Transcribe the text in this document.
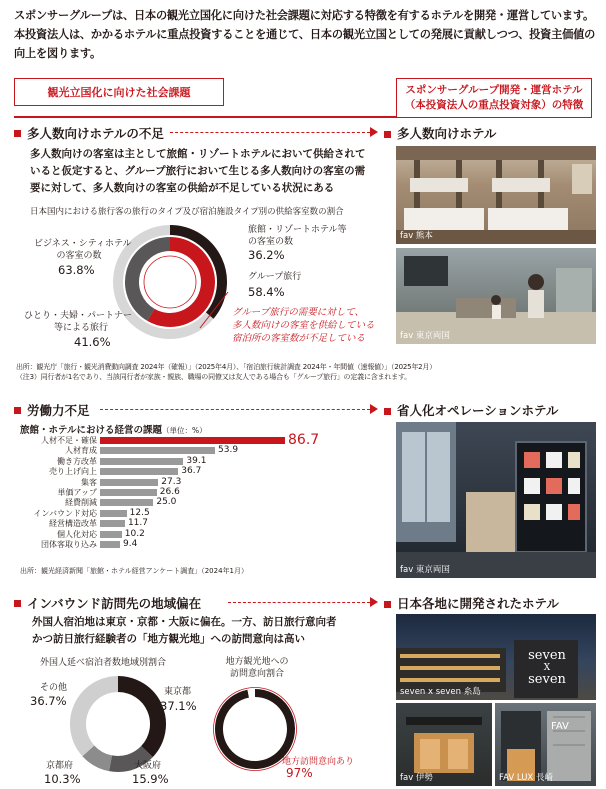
スポンサーグループは、日本の観光立国化に向けた社会課題に対応する特徴を有するホテルを開発・運営しています。本投資法人は、かかるホテルに重点投資することを通じて、日本の観光立国としての発展に貢献しつつ、投資主価値の向上を図ります。
観光立国化に向けた社会課題	スポンサーグループ開発・運営ホテル
（本投資法人の重点投資対象）の特徴
多人数向けホテルの不足	多人数向けホテル
多人数向けの客室は主として旅館・リゾートホテルにおいて供給されて
いると仮定すると、グループ旅行において生じる多人数向けの客室の需
要に対して、多人数向けの客室の供給が不足している状況にある
日本国内における旅行客の旅行のタイプ及び宿泊施設タイプ別の供給客室数の割合
ビジネス・シティホテル
の客室の数
63.8%
ひとり・夫婦・パートナー
等による旅行
41.6%
旅館・リゾートホテル等
の客室の数
36.2%
グループ旅行
58.4%
グループ旅行の需要に対して、
多人数向けの客室を供給している
宿泊所の客室数が不足している
出所：観光庁「旅行・観光消費動向調査 2024年（確報）」（2025年4月）、「宿泊旅行統計調査 2024年・年間値（速報値）」（2025年2月）
（注3）同行者が1名であり、当該同行者が家族・親族、職場の同僚又は友人である場合も「グループ旅行」の定義に含まれます。
fav 熊本
fav 東京両国
労働力不足	省人化オペレーションホテル
旅館・ホテルにおける経営の課題（単位：%）
人材不足・確保	86.7
人材育成	53.9
働き方改革	39.1
売り上げ向上	36.7
集客	27.3
単価アップ	26.6
経費削減	25.0
インバウンド対応	12.5
経営構造改革	11.7
個人化対応	10.2
団体客取り込み	9.4
出所：観光経済新聞「旅館・ホテル経営アンケート調査」（2024年1月）	fav 東京両国
インバウンド訪問先の地域偏在	日本各地に開発されたホテル
外国人宿泊地は東京・京都・大阪に偏在。一方、訪日旅行意向者
かつ訪日旅行経験者の「地方観光地」への訪問意向は高い
外国人延べ宿泊者数地域別割合
その他
36.7%
東京都
37.1%
京都府
10.3%
大阪府
15.9%
地方観光地への
訪問意向割合
地方訪問意向あり
97%
seven
X
seven
seven x seven 糸島
fav 伊勢
FAV
FAV LUX 長崎
